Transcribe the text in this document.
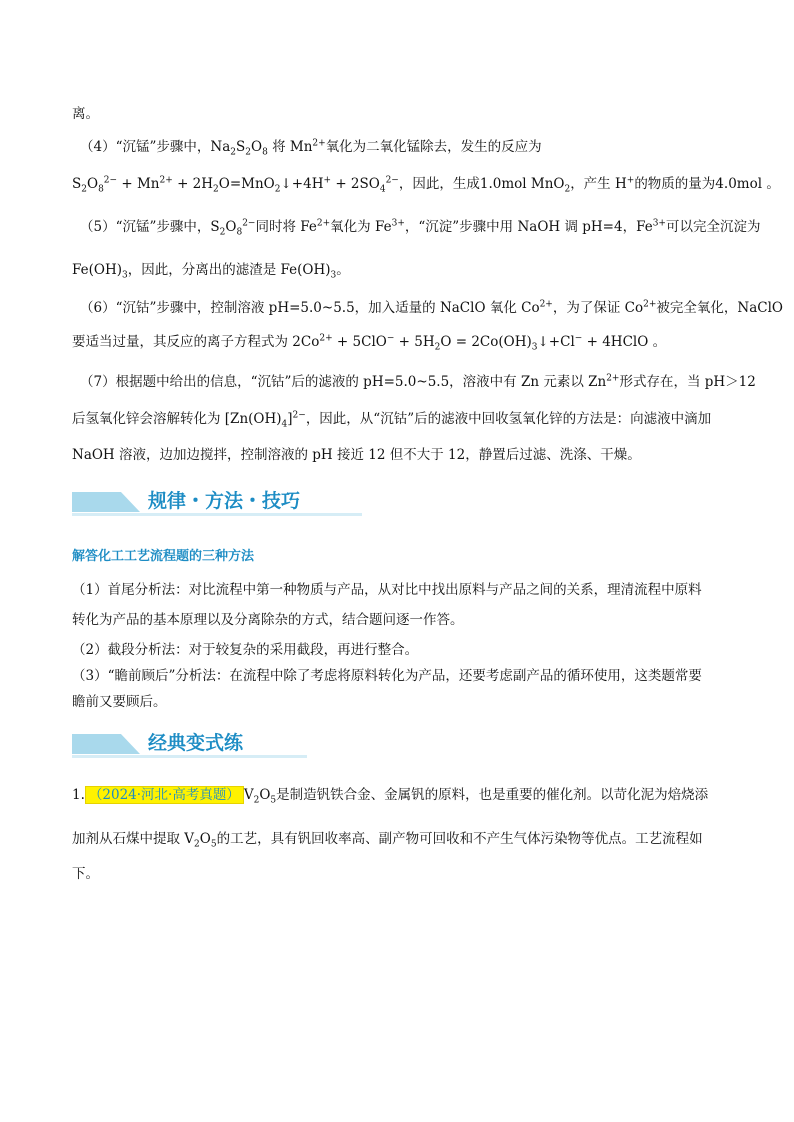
离。
（4）“沉锰”步骤中，$Na_2S_2O_8$ 将 $Mn^{2+}$氧化为二氧化锰除去，发生的反应为
$S_2O_8^{2-} + Mn^{2+}$ + $2H_2O=MnO_2↓+4H^+ + 2SO_4^{2-}$，因此，生成1.0mol MnO$_2$，产生 H+的物质的量为4.0mol 。
（5）“沉锰”步骤中，$S_2O_8^{2-}$同时将 $Fe^{2+}$氧化为 $Fe^{3+}$，“沉淀”步骤中用 NaOH 调 pH=4，$Fe^{3+}$可以完全沉淀为
$Fe(OH)_3$，因此，分离出的滤渣是 $Fe(OH)_3$。
（6）“沉钴”步骤中，控制溶液 pH=5.0~5.5，加入适量的 NaClO 氧化 $Co^{2+}$，为了保证 $Co^{2+}$被完全氧化，NaClO
要适当过量，其反应的离子方程式为 $2Co^{2+} + 5ClO^- + 5H_2O$ = $2Co(OH)_3↓+Cl^-$ + 4HClO 。
（7）根据题中给出的信息，“沉钴”后的滤液的 pH=5.0~5.5，溶液中有 Zn 元素以 $Zn^{2+}$形式存在，当 pH＞12
后氢氧化锌会溶解转化为 $[Zn(OH)_4]^{2-}$，因此，从“沉钴”后的滤液中回收氢氧化锌的方法是：向滤液中滴加
NaOH 溶液，边加边搅拌，控制溶液的 pH 接近 12 但不大于 12，静置后过滤、洗涤、干燥。
规律・方法・技巧
解答化工工艺流程题的三种方法
（1）首尾分析法：对比流程中第一种物质与产品，从对比中找出原料与产品之间的关系，理清流程中原料
转化为产品的基本原理以及分离除杂的方式，结合题问逐一作答。
（2）截段分析法：对于较复杂的采用截段，再进行整合。
（3）“瞻前顾后”分析法：在流程中除了考虑将原料转化为产品，还要考虑副产品的循环使用，这类题常要
瞻前又要顾后。
经典变式练
1. （2024·河北·高考真题） $V_2O_5$是制造钒铁合金、金属钒的原料，也是重要的催化剂。以苛化泥为焙烧添
加剂从石煤中提取 $V_2O_5$的工艺，具有钒回收率高、副产物可回收和不产生气体污染物等优点。工艺流程如
下。
